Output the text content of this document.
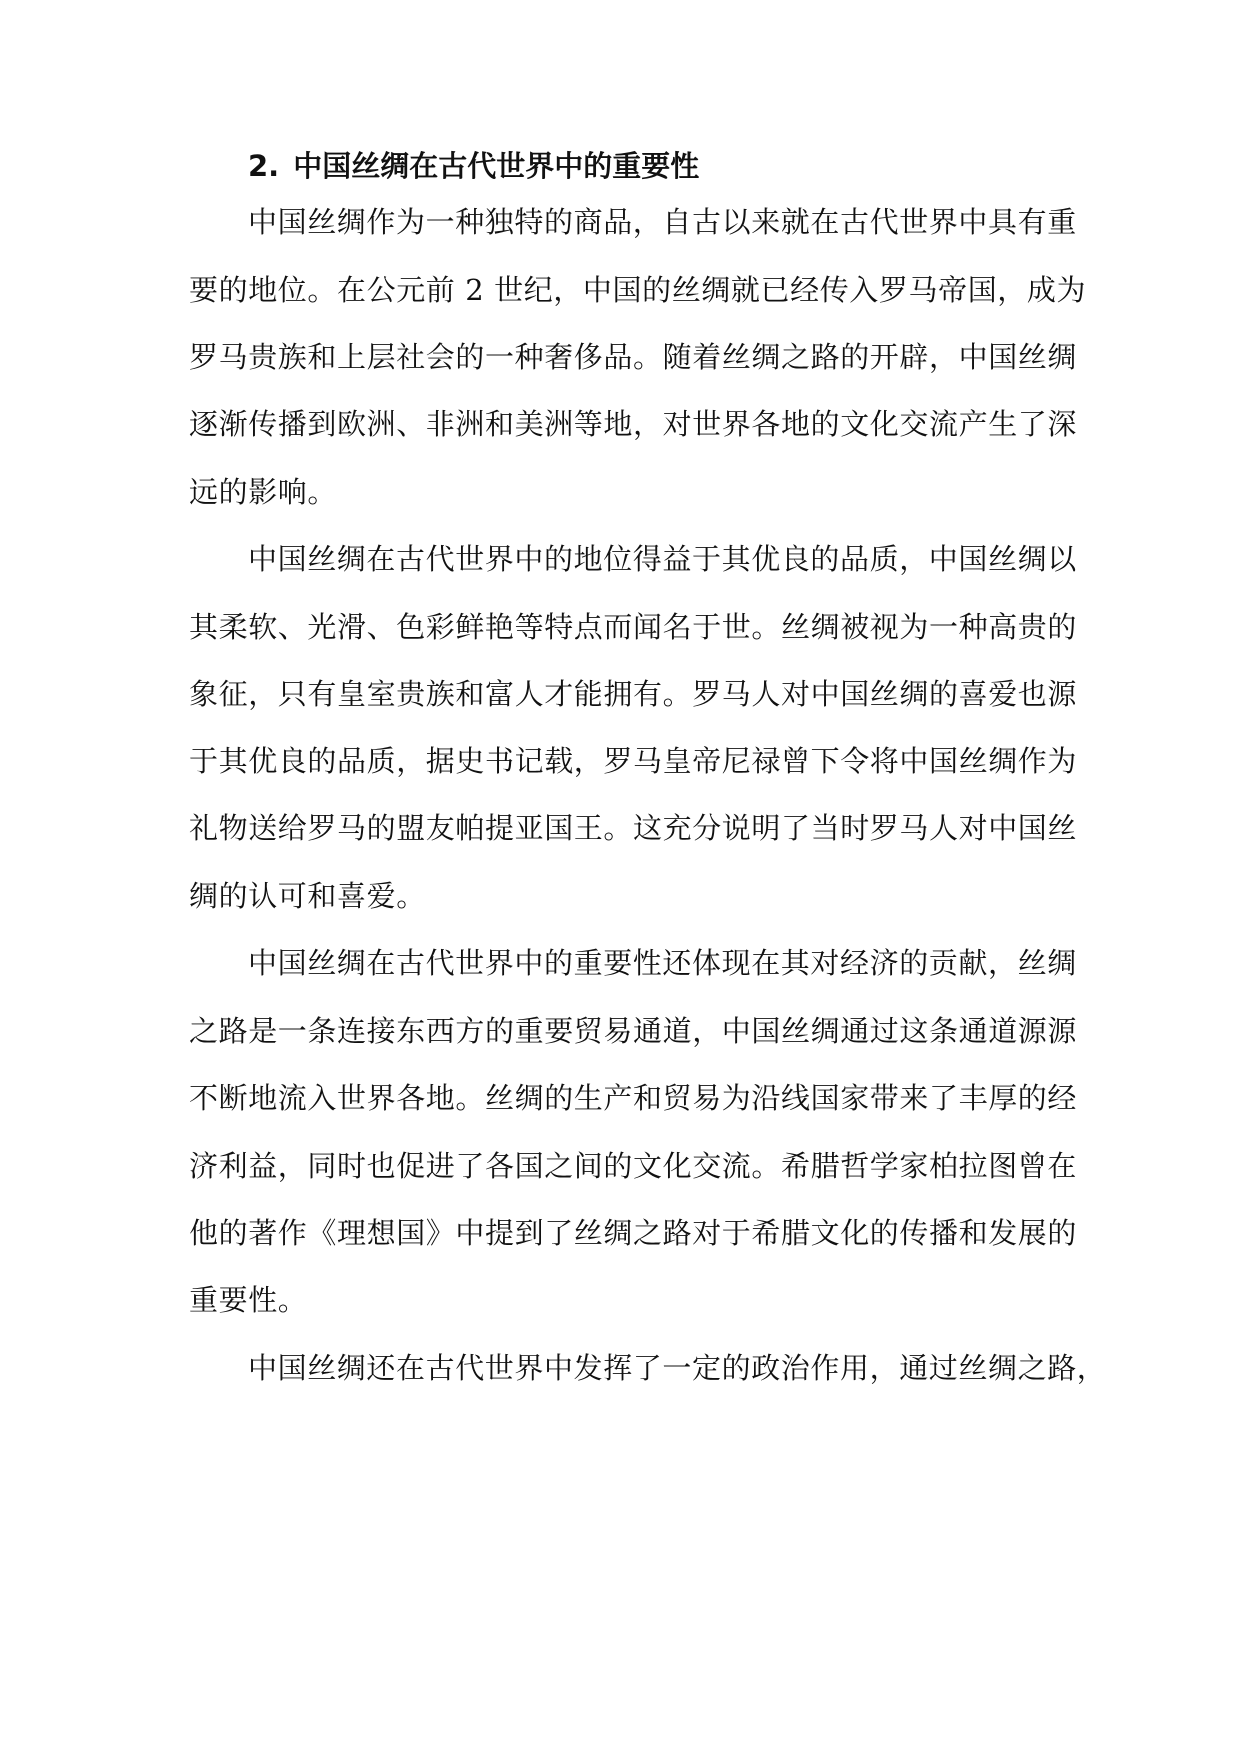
2. 中国丝绸在古代世界中的重要性
中国丝绸作为一种独特的商品，自古以来就在古代世界中具有重
要的地位。在公元前 2 世纪，中国的丝绸就已经传入罗马帝国，成为
罗马贵族和上层社会的一种奢侈品。随着丝绸之路的开辟，中国丝绸
逐渐传播到欧洲、非洲和美洲等地，对世界各地的文化交流产生了深
远的影响。
中国丝绸在古代世界中的地位得益于其优良的品质，中国丝绸以
其柔软、光滑、色彩鲜艳等特点而闻名于世。丝绸被视为一种高贵的
象征，只有皇室贵族和富人才能拥有。罗马人对中国丝绸的喜爱也源
于其优良的品质，据史书记载，罗马皇帝尼禄曾下令将中国丝绸作为
礼物送给罗马的盟友帕提亚国王。这充分说明了当时罗马人对中国丝
绸的认可和喜爱。
中国丝绸在古代世界中的重要性还体现在其对经济的贡献，丝绸
之路是一条连接东西方的重要贸易通道，中国丝绸通过这条通道源源
不断地流入世界各地。丝绸的生产和贸易为沿线国家带来了丰厚的经
济利益，同时也促进了各国之间的文化交流。希腊哲学家柏拉图曾在
他的著作《理想国》中提到了丝绸之路对于希腊文化的传播和发展的
重要性。
中国丝绸还在古代世界中发挥了一定的政治作用，通过丝绸之路，
